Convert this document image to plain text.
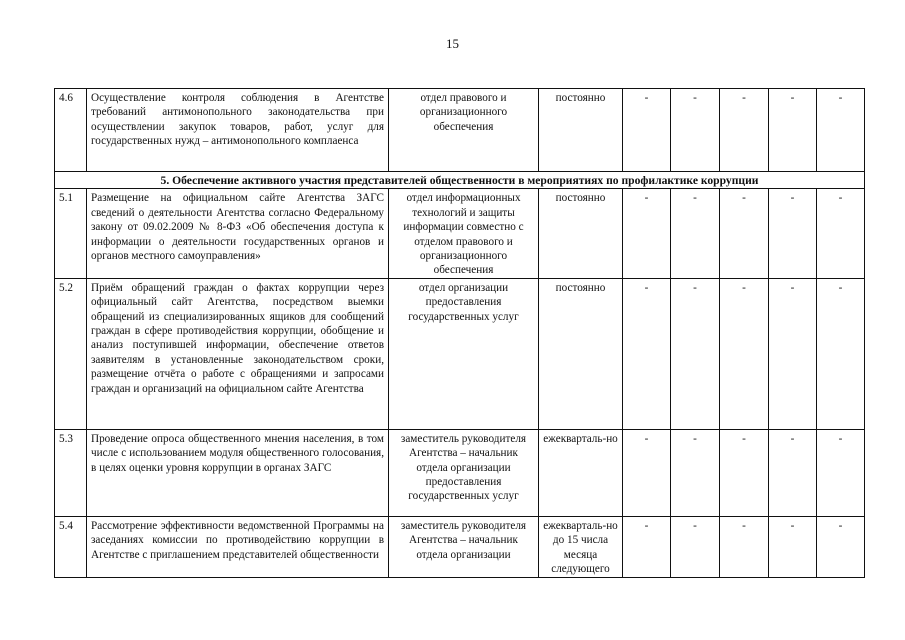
15
4.6	Осуществление контроля соблюдения в Агентстве требований антимонопольного законодательства при осуществлении закупок товаров, работ, услуг для государственных нужд – антимонопольного комплаенса	отдел правового и организационного обеспечения	постоянно	-	-	-	-	-
5. Обеспечение активного участия представителей общественности в мероприятиях по профилактике коррупции								
5.1	Размещение на официальном сайте Агентства ЗАГС сведений о деятельности Агентства согласно Федеральному закону от 09.02.2009 № 8-ФЗ «Об обеспечения доступа к информации о деятельности государственных органов и органов местного самоуправления»	отдел информационных технологий и защиты информации совместно с отделом правового и организационного обеспечения	постоянно	-	-	-	-	-
5.2	Приём обращений граждан о фактах коррупции через официальный сайт Агентства, посредством выемки обращений из специализированных ящиков для сообщений граждан в сфере противодействия коррупции, обобщение и анализ поступившей информации, обеспечение ответов заявителям в установленные законодательством сроки, размещение отчёта о работе с обращениями и запросами граждан и организаций на официальном сайте Агентства	отдел организации предоставления государственных услуг	постоянно	-	-	-	-	-
5.3	Проведение опроса общественного мнения населения, в том числе с использованием модуля общественного голосования, в целях оценки уровня коррупции в органах ЗАГС	заместитель руководителя Агентства – начальник отдела организации предоставления государственных услуг	ежекварталь-но	-	-	-	-	-
5.4	Рассмотрение эффективности ведомственной Программы на заседаниях комиссии по противодействию коррупции в Агентстве с приглашением представителей общественности	заместитель руководителя Агентства – начальник отдела организации	ежекварталь-но до 15 числа месяца следующего	-	-	-	-	-
